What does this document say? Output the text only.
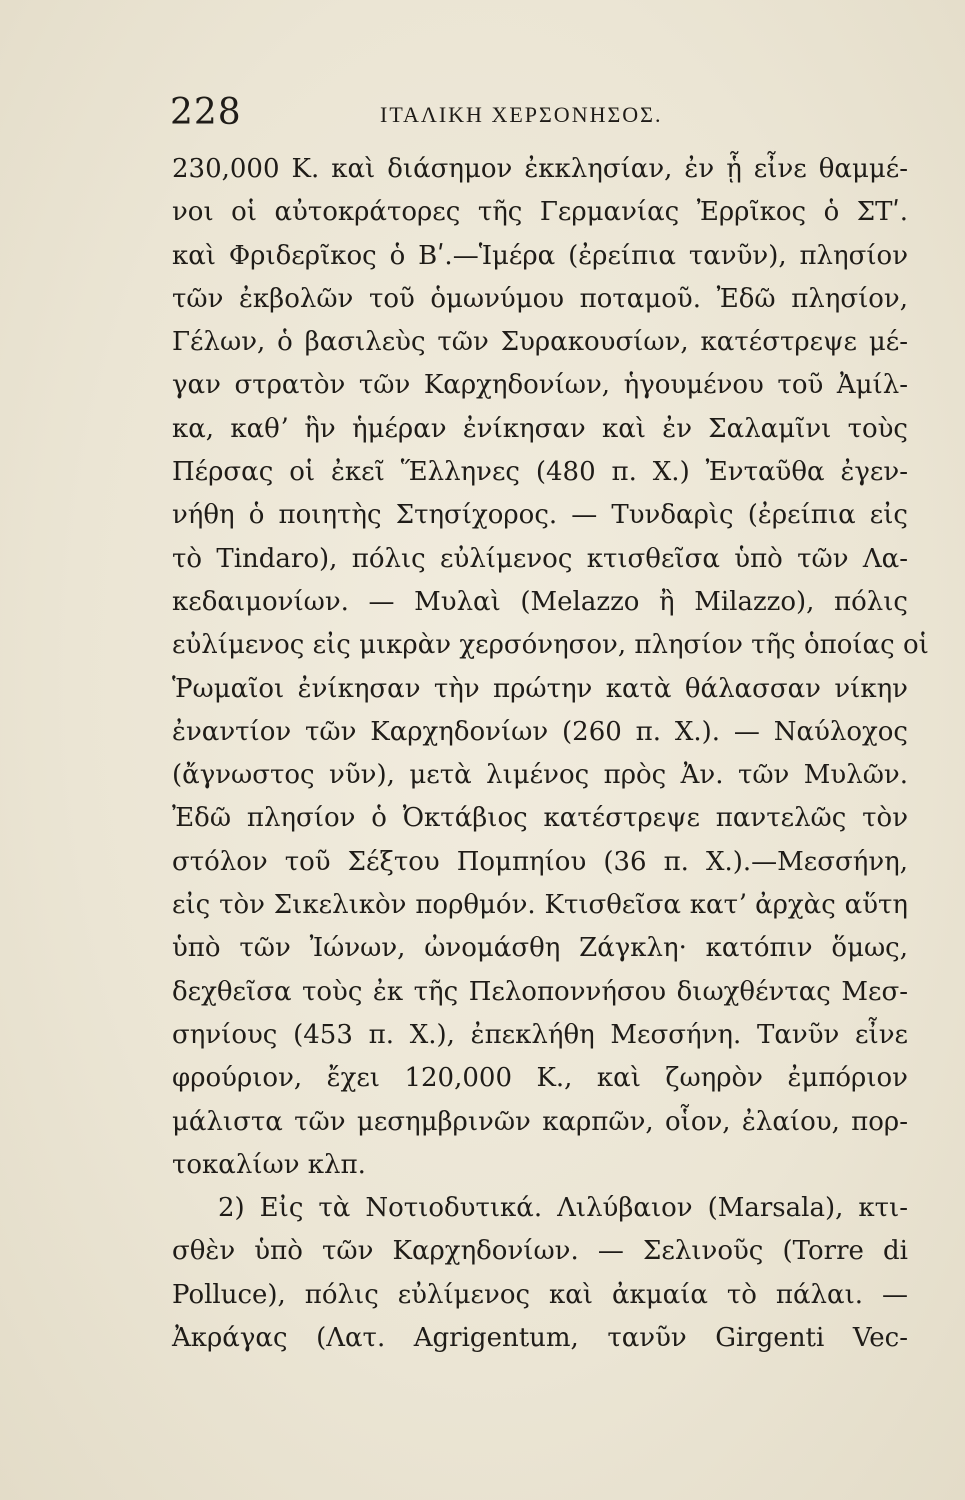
228	ΙΤΑΛΙΚΗ ΧΕΡΣΟΝΗΣΟΣ.
230,000 Κ. καὶ διάσημον ἐκκλησίαν, ἐν ᾗ εἶνε θαμμέ-
νοι οἱ αὐτοκράτορες τῆς Γερμανίας Ἐρρῖκος ὁ ΣΤʹ.
καὶ Φριδερῖκος ὁ Βʹ.—Ἱμέρα (ἐρείπια τανῦν), πλησίον
τῶν ἐκβολῶν τοῦ ὁμωνύμου ποταμοῦ. Ἐδῶ πλησίον,
Γέλων, ὁ βασιλεὺς τῶν Συρακουσίων, κατέστρεψε μέ-
γαν στρατὸν τῶν Καρχηδονίων, ἡγουμένου τοῦ Ἀμίλ-
κα, καθʼ ἣν ἡμέραν ἐνίκησαν καὶ ἐν Σαλαμῖνι τοὺς
Πέρσας οἱ ἐκεῖ Ἕλληνες (480 π. Χ.) Ἐνταῦθα ἐγεν-
νήθη ὁ ποιητὴς Στησίχορος. — Τυνδαρὶς (ἐρείπια εἰς
τὸ Tindaro), πόλις εὐλίμενος κτισθεῖσα ὑπὸ τῶν Λα-
κεδαιμονίων. — Μυλαὶ (Melazzo ἢ Milazzo), πόλις
εὐλίμενος εἰς μικρὰν χερσόνησον, πλησίον τῆς ὁποίας οἱ
Ῥωμαῖοι ἐνίκησαν τὴν πρώτην κατὰ θάλασσαν νίκην
ἐναντίον τῶν Καρχηδονίων (260 π. Χ.). — Ναύλοχος
(ἄγνωστος νῦν), μετὰ λιμένος πρὸς Ἀν. τῶν Μυλῶν.
Ἐδῶ πλησίον ὁ Ὀκτάβιος κατέστρεψε παντελῶς τὸν
στόλον τοῦ Σέξτου Πομπηίου (36 π. Χ.).—Μεσσήνη,
εἰς τὸν Σικελικὸν πορθμόν. Κτισθεῖσα κατʼ ἀρχὰς αὕτη
ὑπὸ τῶν Ἰώνων, ὠνομάσθη Ζάγκλη· κατόπιν ὅμως,
δεχθεῖσα τοὺς ἐκ τῆς Πελοποννήσου διωχθέντας Μεσ-
σηνίους (453 π. Χ.), ἐπεκλήθη Μεσσήνη. Τανῦν εἶνε
φρούριον, ἔχει 120,000 Κ., καὶ ζωηρὸν ἐμπόριον
μάλιστα τῶν μεσημβρινῶν καρπῶν, οἷον, ἐλαίου, πορ-
τοκαλίων κλπ.
2) Εἰς τὰ Νοτιοδυτικά. Λιλύβαιον (Marsala), κτι-
σθὲν ὑπὸ τῶν Καρχηδονίων. — Σελινοῦς (Torre di
Polluce), πόλις εὐλίμενος καὶ ἀκμαία τὸ πάλαι. —
Ἀκράγας (Λατ. Agrigentum, τανῦν Girgenti Vec-
